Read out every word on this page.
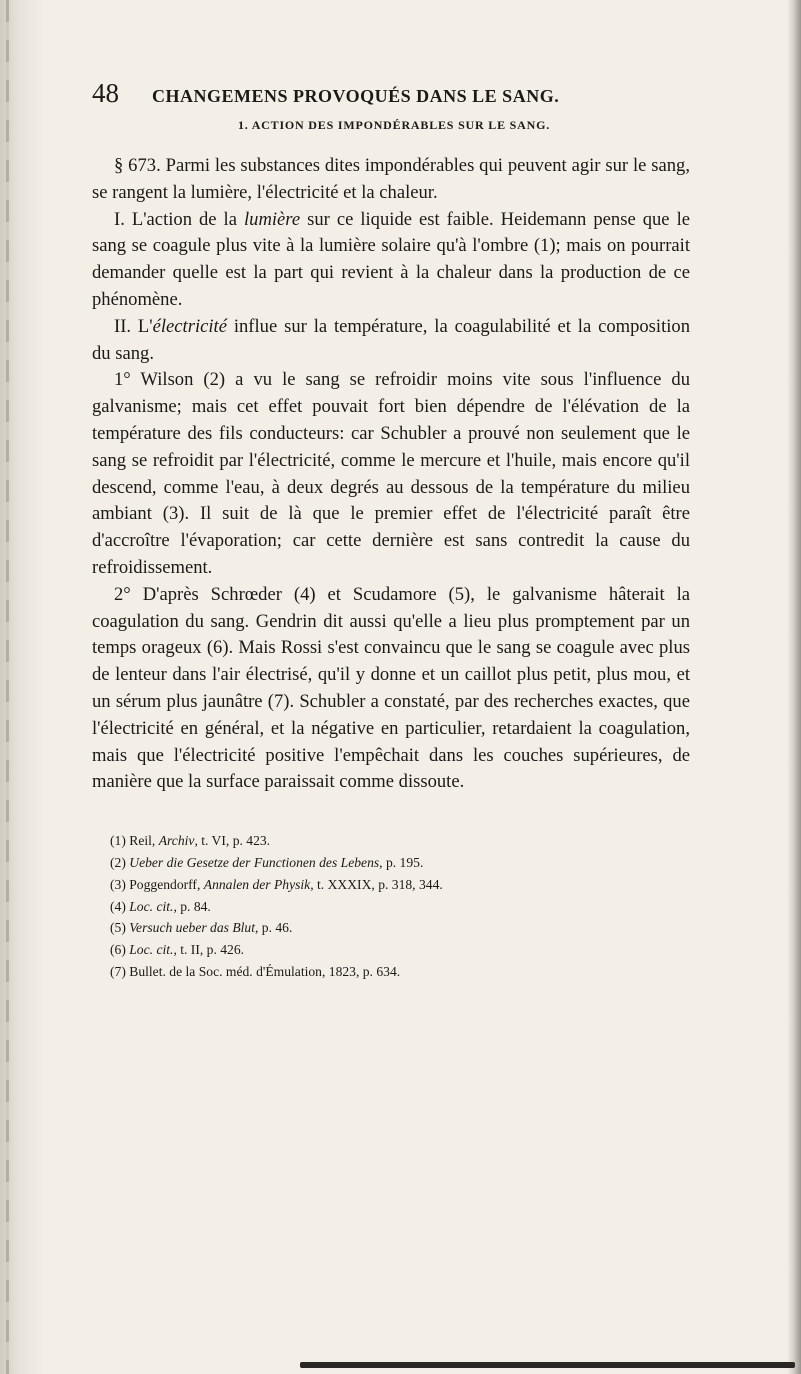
48	CHANGEMENS PROVOQUÉS DANS LE SANG.
1. ACTION DES IMPONDÉRABLES SUR LE SANG.

§ 673. Parmi les substances dites impondérables qui peuvent agir sur le sang, se rangent la lumière, l'électricité et la chaleur.

I. L'action de la lumière sur ce liquide est faible. Heidemann pense que le sang se coagule plus vite à la lumière solaire qu'à l'ombre (1); mais on pourrait demander quelle est la part qui revient à la chaleur dans la production de ce phénomène.

II. L'électricité influe sur la température, la coagulabilité et la composition du sang.

1° Wilson (2) a vu le sang se refroidir moins vite sous l'influence du galvanisme; mais cet effet pouvait fort bien dépendre de l'élévation de la température des fils conducteurs: car Schubler a prouvé non seulement que le sang se refroidit par l'électricité, comme le mercure et l'huile, mais encore qu'il descend, comme l'eau, à deux degrés au dessous de la température du milieu ambiant (3). Il suit de là que le premier effet de l'électricité paraît être d'accroître l'évaporation; car cette dernière est sans contredit la cause du refroidissement.

2° D'après Schrœder (4) et Scudamore (5), le galvanisme hâterait la coagulation du sang. Gendrin dit aussi qu'elle a lieu plus promptement par un temps orageux (6). Mais Rossi s'est convaincu que le sang se coagule avec plus de lenteur dans l'air électrisé, qu'il y donne et un caillot plus petit, plus mou, et un sérum plus jaunâtre (7). Schubler a constaté, par des recherches exactes, que l'électricité en général, et la négative en particulier, retardaient la coagulation, mais que l'électricité positive l'empêchait dans les couches supérieures, de manière que la surface paraissait comme dissoute.

(1) Reil, Archiv, t. VI, p. 423.

(2) Ueber die Gesetze der Functionen des Lebens, p. 195.

(3) Poggendorff, Annalen der Physik, t. XXXIX, p. 318, 344.

(4) Loc. cit., p. 84.

(5) Versuch ueber das Blut, p. 46.

(6) Loc. cit., t. II, p. 426.

(7) Bullet. de la Soc. méd. d'Émulation, 1823, p. 634.
